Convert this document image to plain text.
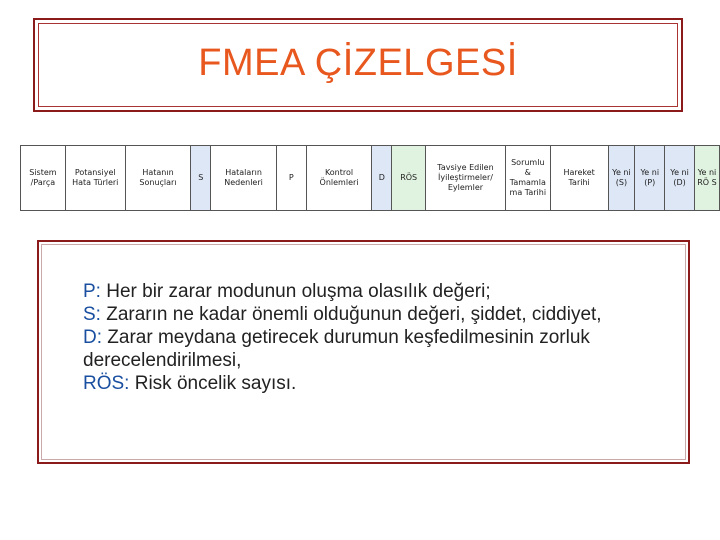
FMEA ÇİZELGESİ
Sistem /Parça	Potansiyel Hata Türleri	Hatanın Sonuçları	S	Hataların Nedenleri	P	Kontrol Önlemleri	D	RÖS	Tavsiye Edilen İyileştirmeler/ Eylemler	Sorumlu & Tamamla ma Tarihi	Hareket Tarihi	Ye ni (S)	Ye ni (P)	Ye ni (D)	Ye ni RÖ S
P: Her bir zarar modunun oluşma olasılık değeri;
S: Zararın ne kadar önemli olduğunun değeri, şiddet, ciddiyet,
D: Zarar meydana getirecek durumun keşfedilmesinin zorluk derecelendirilmesi,
RÖS: Risk öncelik sayısı.
